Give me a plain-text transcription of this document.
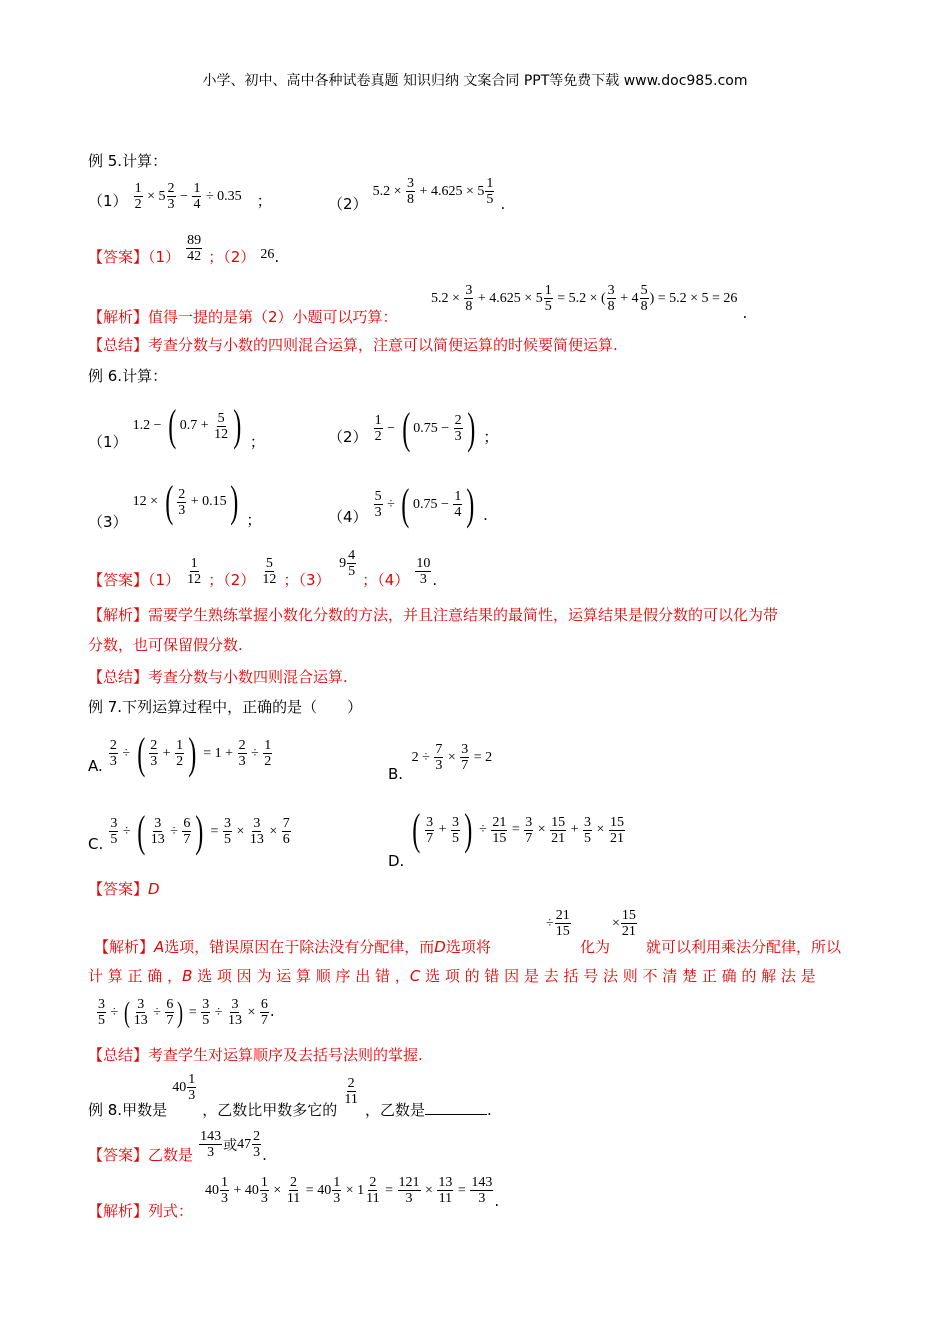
小学、初中、高中各种试卷真题 知识归纳 文案合同 PPT等免费下载 www.doc985.com
例 5.计算：
（1）
1
2
× 5 2
3
− 1
4
÷ 0.35 ；	（2） 5.2 × 3
8
+ 4.625 × 5 1
5 .
【答案】（1）
89
42 ；（2） 26.
【解析】值得一提的是第（2）小题可以巧算：
5.2 × 3
8
+ 4.625 × 5 1
5
= 5.2 × ( 3
8
+ 4 5
8
) = 5.2 × 5 = 26 .
【总结】考查分数与小数的四则混合运算，注意可以简便运算的时候要简便运算.
例 6.计算：
（1） 1.2 − ( 0.7 + 5
12 ) ；	（2）
1
2
− ( 0.75 − 2
3 ) ；
（3） 12 × ( 2
3
+ 0.15 ) ；	（4）
5
3
÷ ( 0.75 − 1
4 ) .
【答案】（1）
1
12 ；（2）
5
12 ；（3）  9 4
5 ；（4）
10
3 .
【解析】需要学生熟练掌握小数化分数的方法，并且注意结果的最简性，运算结果是假分数的可以化为带
分数，也可保留假分数.
【总结】考查分数与小数四则混合运算.
例 7.下列运算过程中，正确的是（　　）
A.
2
3
÷ ( 2
3
+ 1
2 ) = 1 + 2
3
÷ 1
2
B.  2 ÷ 7
3
× 3
7
= 2
C.
3
5
÷ ( 3
13
÷ 6
7 ) = 3
5
× 3
13
× 7
6
D.
( 3
7
+ 3
5 ) ÷ 21
15
= 3
7
× 15
21
+ 3
5
× 15
21
【答案】D
【解析】A选项，错误原因在于除法没有分配律，而D选项将
÷ 21
15
化为
× 15
21
就可以利用乘法分配律，所以
计 算 正 确 ，B 选 项 因 为 运 算 顺 序 出 错 ，C 选 项 的 错 因 是 去 括 号 法 则 不 清 楚 正 确 的 解 法 是
3
5
÷ ( 3
13
÷ 6
7 ) = 3
5
÷ 3
13
× 6
7
.
【总结】考查学生对运算顺序及去括号法则的掌握.
例 8.甲数是 40 1
3
，乙数比甲数多它的
2
11
，乙数是	.
【答案】乙数是
143
3 或 47 2
3 .
【解析】列式：
40 1
3
+ 40 1
3
× 2
11
= 40 1
3
× 1 2
11
= 121
3
× 13
11
= 143
3 .
